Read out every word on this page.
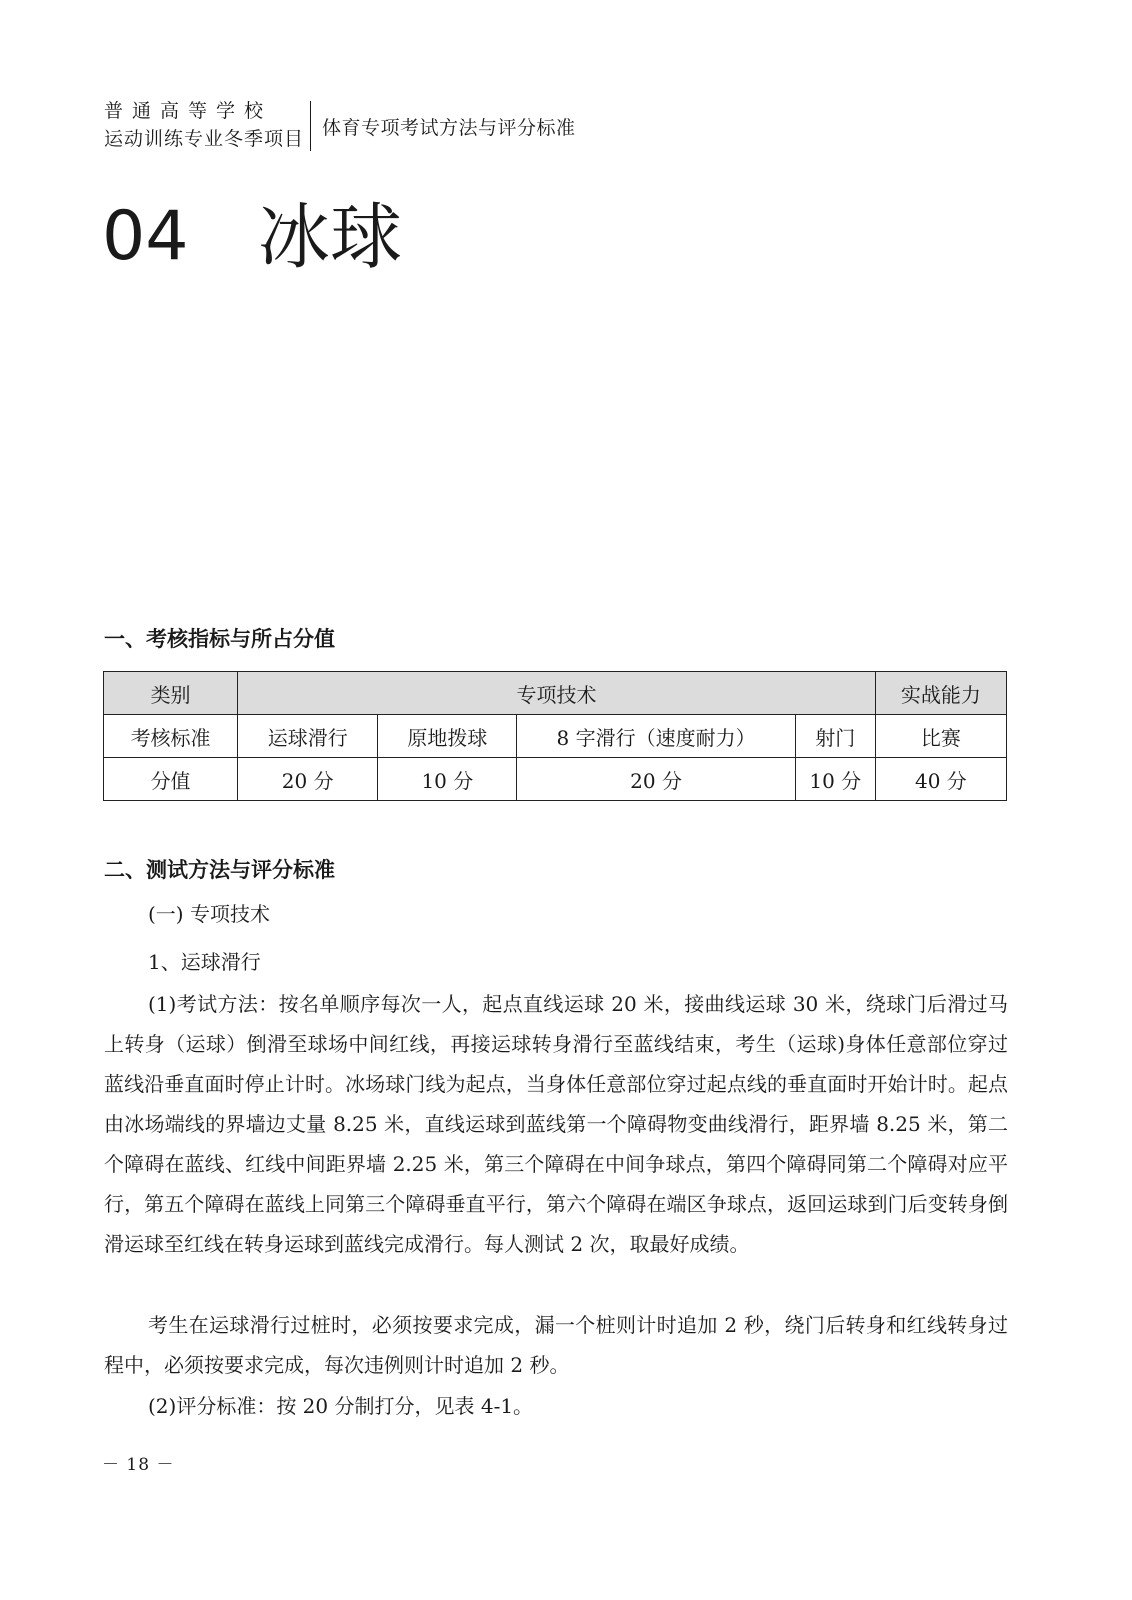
普通高等学校
运动训练专业冬季项目 体育专项考试方法与评分标准
04 冰球
一、考核指标与所占分值
类别	专项技术				实战能力
考核标准	运球滑行	原地拨球	8 字滑行（速度耐力）	射门	比赛
分值	20 分	10 分	20 分	10 分	40 分
二、测试方法与评分标准
(一) 专项技术
1、运球滑行
(1)考试方法：按名单顺序每次一人，起点直线运球 20 米，接曲线运球 30 米，绕球门后滑过马上转身（运球）倒滑至球场中间红线，再接运球转身滑行至蓝线结束，考生（运球)身体任意部位穿过蓝线沿垂直面时停止计时。冰场球门线为起点，当身体任意部位穿过起点线的垂直面时开始计时。起点由冰场端线的界墙边丈量 8.25 米，直线运球到蓝线第一个障碍物变曲线滑行，距界墙 8.25 米，第二个障碍在蓝线、红线中间距界墙 2.25 米，第三个障碍在中间争球点，第四个障碍同第二个障碍对应平行，第五个障碍在蓝线上同第三个障碍垂直平行，第六个障碍在端区争球点，返回运球到门后变转身倒滑运球至红线在转身运球到蓝线完成滑行。每人测试 2 次，取最好成绩。
考生在运球滑行过桩时，必须按要求完成，漏一个桩则计时追加 2 秒，绕门后转身和红线转身过程中，必须按要求完成，每次违例则计时追加 2 秒。
(2)评分标准：按 20 分制打分，见表 4-1。
－ 18 －
